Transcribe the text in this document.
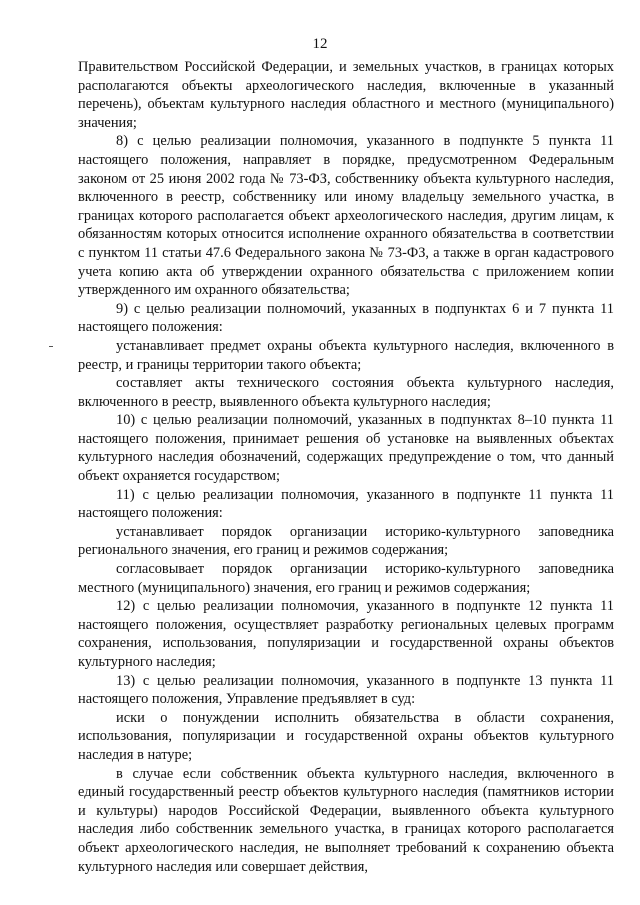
12

Правительством Российской Федерации, и земельных участков, в границах которых располагаются объекты археологического наследия, включенные в указанный перечень), объектам культурного наследия областного и местного (муниципального) значения;

8) с целью реализации полномочия, указанного в подпункте 5 пункта 11 настоящего положения, направляет в порядке, предусмотренном Федеральным законом от 25 июня 2002 года № 73-ФЗ, собственнику объекта культурного наследия, включенного в реестр, собственнику или иному владельцу земельного участка, в границах которого располагается объект археологического наследия, другим лицам, к обязанностям которых относится исполнение охранного обязательства в соответствии с пунктом 11 статьи 47.6 Федерального закона № 73-ФЗ, а также в орган кадастрового учета копию акта об утверждении охранного обязательства с приложением копии утвержденного им охранного обязательства;

9) с целью реализации полномочий, указанных в подпунктах 6 и 7 пункта 11 настоящего положения:

устанавливает предмет охраны объекта культурного наследия, включенного в реестр, и границы территории такого объекта;

составляет акты технического состояния объекта культурного наследия, включенного в реестр, выявленного объекта культурного наследия;

10) с целью реализации полномочий, указанных в подпунктах 8–10 пункта 11 настоящего положения, принимает решения об установке на выявленных объектах культурного наследия обозначений, содержащих предупреждение о том, что данный объект охраняется государством;

11) с целью реализации полномочия, указанного в подпункте 11 пункта 11 настоящего положения:

устанавливает порядок организации историко-культурного заповедника регионального значения, его границ и режимов содержания;

согласовывает порядок организации историко-культурного заповедника местного (муниципального) значения, его границ и режимов содержания;

12) с целью реализации полномочия, указанного в подпункте 12 пункта 11 настоящего положения, осуществляет разработку региональных целевых программ сохранения, использования, популяризации и государственной охраны объектов культурного наследия;

13) с целью реализации полномочия, указанного в подпункте 13 пункта 11 настоящего положения, Управление предъявляет в суд:

иски о понуждении исполнить обязательства в области сохранения, использования, популяризации и государственной охраны объектов культурного наследия в натуре;

в случае если собственник объекта культурного наследия, включенного в единый государственный реестр объектов культурного наследия (памятников истории и культуры) народов Российской Федерации, выявленного объекта культурного наследия либо собственник земельного участка, в границах которого располагается объект археологического наследия, не выполняет требований к сохранению объекта культурного наследия или совершает действия,
